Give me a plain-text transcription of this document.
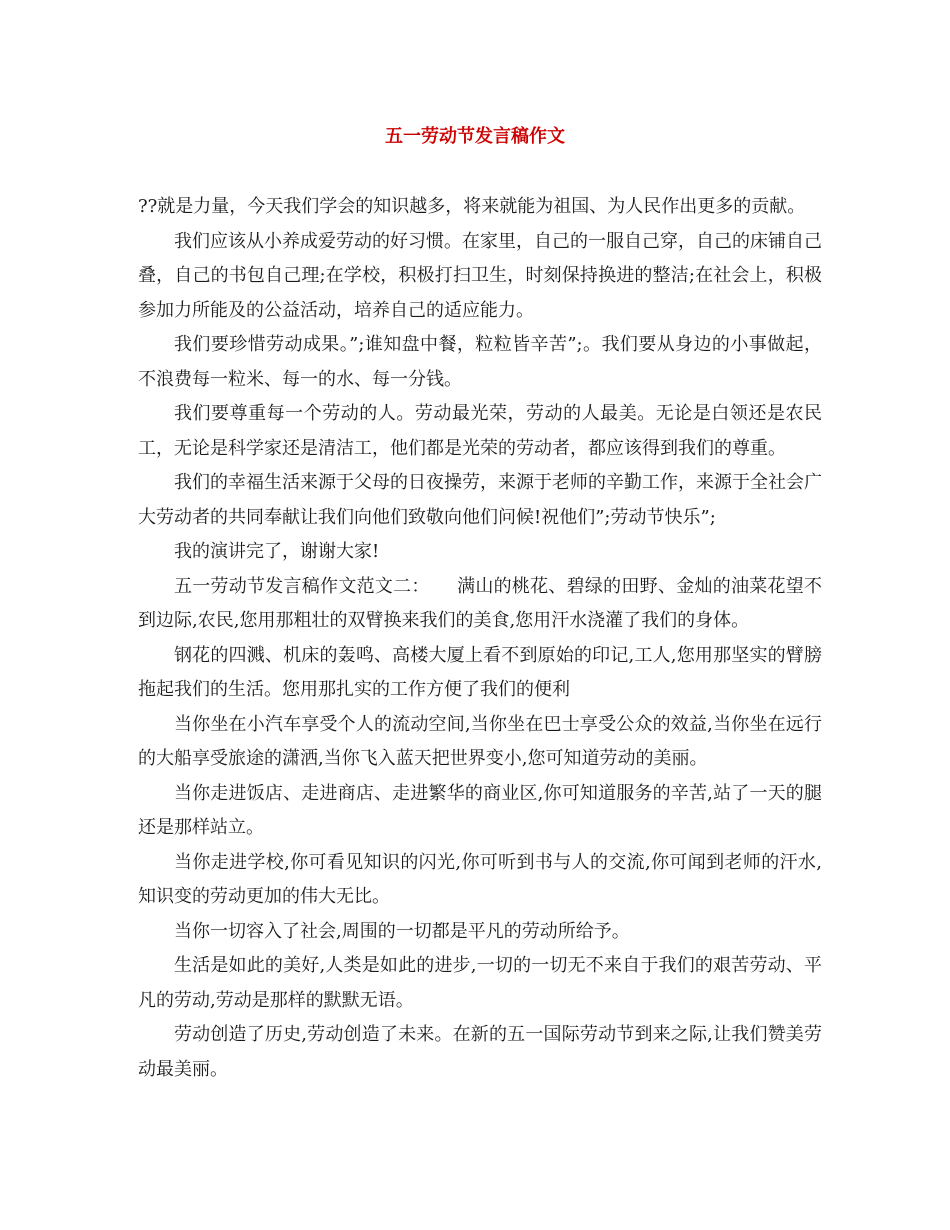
五一劳动节发言稿作文

??就是力量，今天我们学会的知识越多，将来就能为祖国、为人民作出更多的贡献。

我们应该从小养成爱劳动的好习惯。在家里，自己的一服自己穿，自己的床铺自己叠，自己的书包自己理;在学校，积极打扫卫生，时刻保持换进的整洁;在社会上，积极参加力所能及的公益活动，培养自己的适应能力。

我们要珍惜劳动成果。”;谁知盘中餐，粒粒皆辛苦”;。我们要从身边的小事做起，不浪费每一粒米、每一的水、每一分钱。

我们要尊重每一个劳动的人。劳动最光荣，劳动的人最美。无论是白领还是农民工，无论是科学家还是清洁工，他们都是光荣的劳动者，都应该得到我们的尊重。

我们的幸福生活来源于父母的日夜操劳，来源于老师的辛勤工作，来源于全社会广大劳动者的共同奉献让我们向他们致敬向他们问候!祝他们”;劳动节快乐”;

我的演讲完了，谢谢大家!

五一劳动节发言稿作文范文二：　　满山的桃花、碧绿的田野、金灿的油菜花望不到边际,农民,您用那粗壮的双臂换来我们的美食,您用汗水浇灌了我们的身体。

钢花的四溅、机床的轰鸣、高楼大厦上看不到原始的印记,工人,您用那坚实的臂膀拖起我们的生活。您用那扎实的工作方便了我们的便利

当你坐在小汽车享受个人的流动空间,当你坐在巴士享受公众的效益,当你坐在远行的大船享受旅途的潇洒,当你飞入蓝天把世界变小,您可知道劳动的美丽。

当你走进饭店、走进商店、走进繁华的商业区,你可知道服务的辛苦,站了一天的腿还是那样站立。

当你走进学校,你可看见知识的闪光,你可听到书与人的交流,你可闻到老师的汗水,知识变的劳动更加的伟大无比。

当你一切容入了社会,周围的一切都是平凡的劳动所给予。

生活是如此的美好,人类是如此的进步,一切的一切无不来自于我们的艰苦劳动、平凡的劳动,劳动是那样的默默无语。

劳动创造了历史,劳动创造了未来。在新的五一国际劳动节到来之际,让我们赞美劳动最美丽。
